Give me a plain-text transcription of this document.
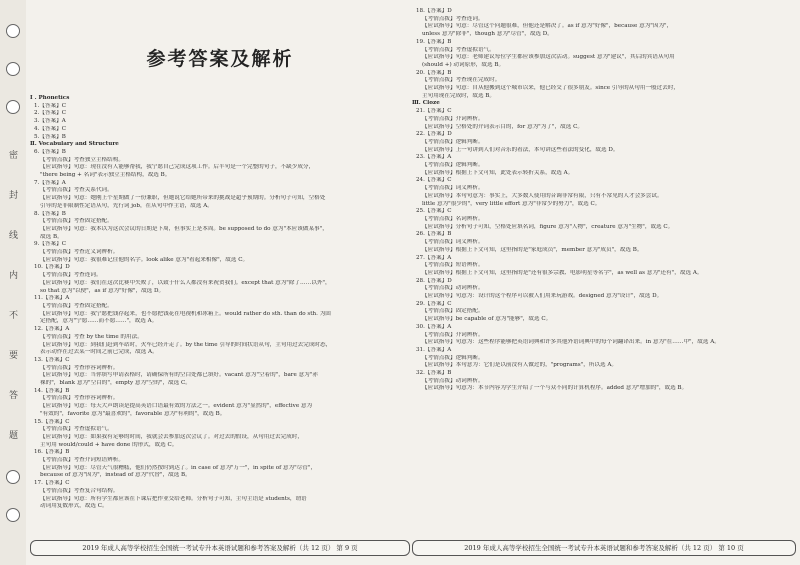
密
封
线
内
不
要
答
题
参考答案及解析
I . Phonetics
1.【答案】C
2.【答案】C
3.【答案】A
4.【答案】C
5.【答案】B
Ⅱ. Vocabulary and Structure
6.【答案】B
【考情点拨】考查独立主格结构。
【应试指导】句意：现在没有人能够帮我，我宁愿自己完成这项工作。后半句是一个完整的句子，不缺少成分，
"there being + 名词"表示独立主格结构，故选 B。
7.【答案】A
【考情点拨】考查关系代词。
【应试指导】句意：她刚上个星期做了一份兼职，但她说它给她所带来的挑战是超乎预期的。分析句子可知，空格处
引导的是非限制性定语从句，先行词 job，在从句中作主语，故选 A。
8.【答案】B
【考情点拨】考查固定搭配。
【应试指导】句意：我本以为这次会议的日期是下周，但事实上是本周。be supposed to do 意为"本应该做某事"，
故选 B。
9.【答案】C
【考情点拨】考查近义词辨析。
【应试指导】句意：我很难记住他的名字。look alike 意为"看起来相像"，故选 C。
10.【答案】D
【考情点拨】考查连词。
【应试指导】句意：我们在这次比赛中失败了，以致于什么人都没有来祝贺我们。except that 意为"除了……以外"，
so that 意为"以便"，as if 意为"好像"，故选 D。
11.【答案】A
【考情点拨】考查固定搭配。
【应试指导】句意：我宁愿把钱存起来，也不愿把钱花在电视机和冰箱上。would rather do sth. than do sth. 为固
定搭配，意为"宁愿……而不愿……"，故选 A。
12.【答案】A
【考情点拨】考查 by the time 的用法。
【应试指导】句意：到我们赶到车站时，火车已经开走了。by the time 引导的时间状语从句，主句用过去完成时态，
表示动作在过去某一时间之前已完成，故选 A。
13.【答案】C
【考情点拨】考查形容词辨析。
【应试指导】句意：当你填写申请表格时，请确保所有的空白处都已填好。vacant 意为"空着的"，bare 意为"赤
裸的"，blank 意为"空白的"，empty 意为"空的"，故选 C。
14.【答案】B
【考情点拨】考查形容词辨析。
【应试指导】句意：每天大声朗读是提高英语口语最有效的方法之一。evident 意为"显然的"，effective 意为
"有效的"，favorite 意为"最喜欢的"，favorable 意为"有利的"，故选 B。
15.【答案】C
【考情点拨】考查虚拟语气。
【应试指导】句意：如果我有足够的时间，我就会去参加这次会议了。对过去的假设，从句用过去完成时，
主句用 would/could + have done 的形式，故选 C。
16.【答案】B
【考情点拨】考查介词短语辨析。
【应试指导】句意：尽管天气很糟糕，他们仍然按时到达了。in case of 意为"万一"，in spite of 意为"尽管"，
because of 意为"因为"，instead of 意为"代替"，故选 B。
17.【答案】C
【考情点拨】考查复合句结构。
【应试指导】句意：所有学生都应该在下课后把作业交给老师。分析句子可知，主句主语是 students，谓语
动词用复数形式，故选 C。
2019 年成人高等学校招生全国统一考试专升本英语试题和参考答案及解析（共 12 页） 第 9 页
18.【答案】D
【考情点拨】考查连词。
【应试指导】句意：尽管这个问题很难，但他还是解决了。as if 意为"好像"，because 意为"因为"，
unless 意为"除非"，though 意为"尽管"，故选 D。
19.【答案】B
【考情点拨】考查虚拟语气。
【应试指导】句意：老师建议每位学生都应该参加这次活动。suggest 意为"建议"，其后的宾语从句用
(should +) 动词原形，故选 B。
20.【答案】B
【考情点拨】考查现在完成时。
【应试指导】句意：自从他搬到这个城市以来，他已经交了很多朋友。since 引导的从句用一般过去时，
主句用现在完成时，故选 B。
Ⅲ. Cloze
21.【答案】C
【考情点拨】介词辨析。
【应试指导】空格处的介词表示目的，for 意为"为了"，故选 C。
22.【答案】D
【考情点拨】逻辑判断。
【应试指导】上一句讲到人们对音乐的看法，本句讲这些看法的变化，故选 D。
23.【答案】A
【考情点拨】逻辑判断。
【应试指导】根据上下文可知，此处表示转折关系，故选 A。
24.【答案】C
【考情点拨】词义辨析。
【应试指导】本句句意为：事实上，大多数人使用的音调非常有限，只有不常见的人才会多尝试。
little 意为"很少的"，very little effort 意为"非常少的努力"，故选 C。
25.【答案】C
【考情点拨】名词辨析。
【应试指导】分析句子可知，空格处应填名词，figure 意为"人物"，creature 意为"生物"，故选 C。
26.【答案】B
【考情点拨】词义辨析。
【应试指导】根据上下文可知，这里指的是"家庭成员"，member 意为"成员"，故选 B。
27.【答案】A
【考情点拨】短语辨析。
【应试指导】根据上下文可知，这里指的是"还有很多宗教、电影明星等名字"，as well as 意为"还有"，故选 A。
28.【答案】D
【考情点拨】动词辨析。
【应试指导】句意为：设计的这个程序可以被人们用来玩游戏。designed 意为"设计"，故选 D。
29.【答案】C
【考情点拨】固定搭配。
【应试指导】be capable of 意为"能够"，故选 C。
30.【答案】A
【考情点拨】介词辨析。
【应试指导】句意为：这些程序能够把英语词典和许多其他外语词典中的每个词翻译出来。in 意为"在……中"，故选 A。
31.【答案】A
【考情点拨】逻辑判断。
【应试指导】本句意为：它们是以前没有人做过的，"programs"，所以选 A。
32.【答案】B
【考情点拨】动词辨析。
【应试指导】句意为：本节内容为学生介绍了一个与众不同的计算机程序。added 意为"增加的"，故选 B。
2019 年成人高等学校招生全国统一考试专升本英语试题和参考答案及解析（共 12 页） 第 10 页
